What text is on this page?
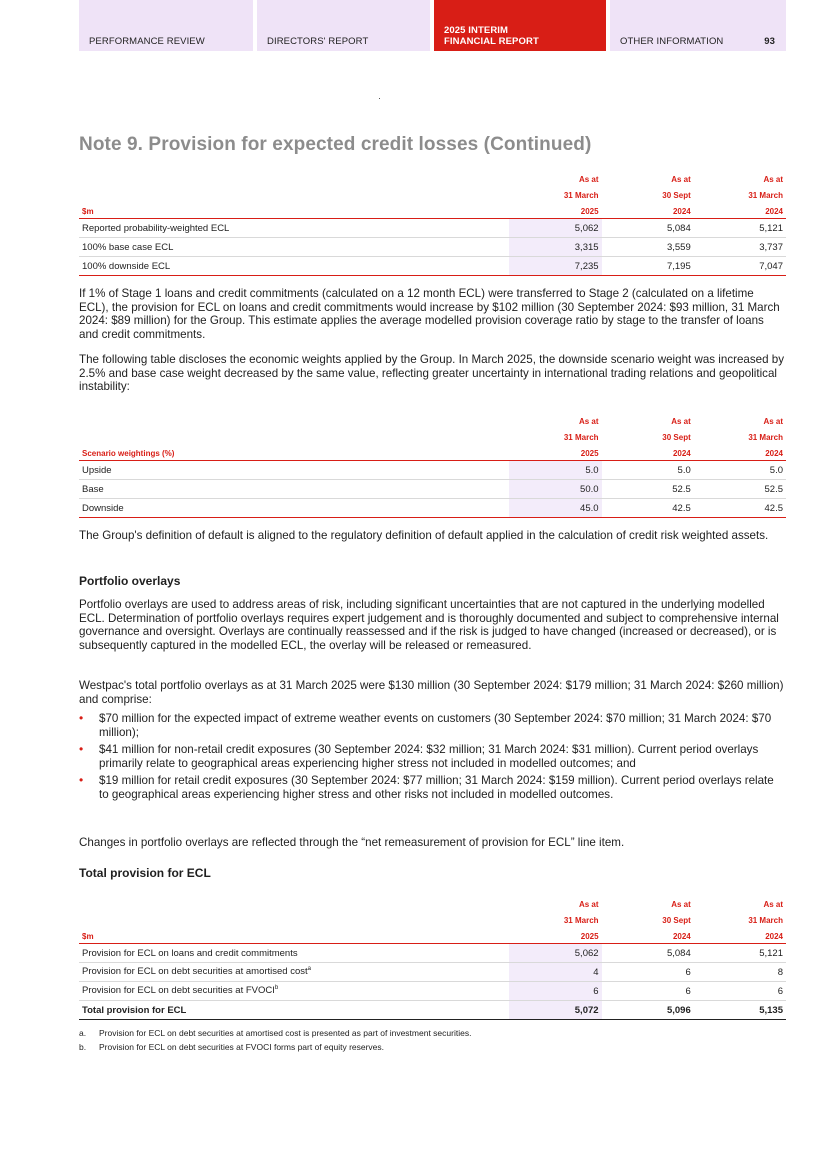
PERFORMANCE REVIEW	DIRECTORS' REPORT
2025 INTERIM
FINANCIAL REPORT	OTHER INFORMATION	93
Note 9. Provision for expected credit losses (Continued)
	As at	As at	As at
	31 March	30 Sept	31 March
$m	2025	2024	2024
Reported probability-weighted ECL	5,062	5,084	5,121
100% base case ECL	3,315	3,559	3,737
100% downside ECL	7,235	7,195	7,047

If 1% of Stage 1 loans and credit commitments (calculated on a 12 month ECL) were transferred to Stage 2 (calculated on a lifetime ECL), the provision for ECL on loans and credit commitments would increase by $102 million (30 September 2024: $93 million, 31 March 2024: $89 million) for the Group. This estimate applies the average modelled provision coverage ratio by stage to the transfer of loans and credit commitments.

The following table discloses the economic weights applied by the Group. In March 2025, the downside scenario weight was increased by 2.5% and base case weight decreased by the same value, reflecting greater uncertainty in international trading relations and geopolitical instability:

	As at	As at	As at
	31 March	30 Sept	31 March
Scenario weightings (%)	2025	2024	2024
Upside	5.0	5.0	5.0
Base	50.0	52.5	52.5
Downside	45.0	42.5	42.5

The Group's definition of default is aligned to the regulatory definition of default applied in the calculation of credit risk weighted assets.

Portfolio overlays

Portfolio overlays are used to address areas of risk, including significant uncertainties that are not captured in the underlying modelled ECL. Determination of portfolio overlays requires expert judgement and is thoroughly documented and subject to comprehensive internal governance and oversight. Overlays are continually reassessed and if the risk is judged to have changed (increased or decreased), or is subsequently captured in the modelled ECL, the overlay will be released or remeasured.

Westpac's total portfolio overlays as at 31 March 2025 were $130 million (30 September 2024: $179 million; 31 March 2024: $260 million) and comprise:

• $70 million for the expected impact of extreme weather events on customers (30 September 2024: $70 million; 31 March 2024: $70 million);
• $41 million for non-retail credit exposures (30 September 2024: $32 million; 31 March 2024: $31 million). Current period overlays primarily relate to geographical areas experiencing higher stress not included in modelled outcomes; and
• $19 million for retail credit exposures (30 September 2024: $77 million; 31 March 2024: $159 million). Current period overlays relate to geographical areas experiencing higher stress and other risks not included in modelled outcomes.

Changes in portfolio overlays are reflected through the “net remeasurement of provision for ECL” line item.

Total provision for ECL
	As at	As at	As at
	31 March	30 Sept	31 March
$m	2025	2024	2024
Provision for ECL on loans and credit commitments	5,062	5,084	5,121
Provision for ECL on debt securities at amortised cost$^a$	4	6	8
Provision for ECL on debt securities at FVOCI$^b$	6	6	6
Total provision for ECL	5,072	5,096	5,135
a. Provision for ECL on debt securities at amortised cost is presented as part of investment securities.
b. Provision for ECL on debt securities at FVOCI forms part of equity reserves.
